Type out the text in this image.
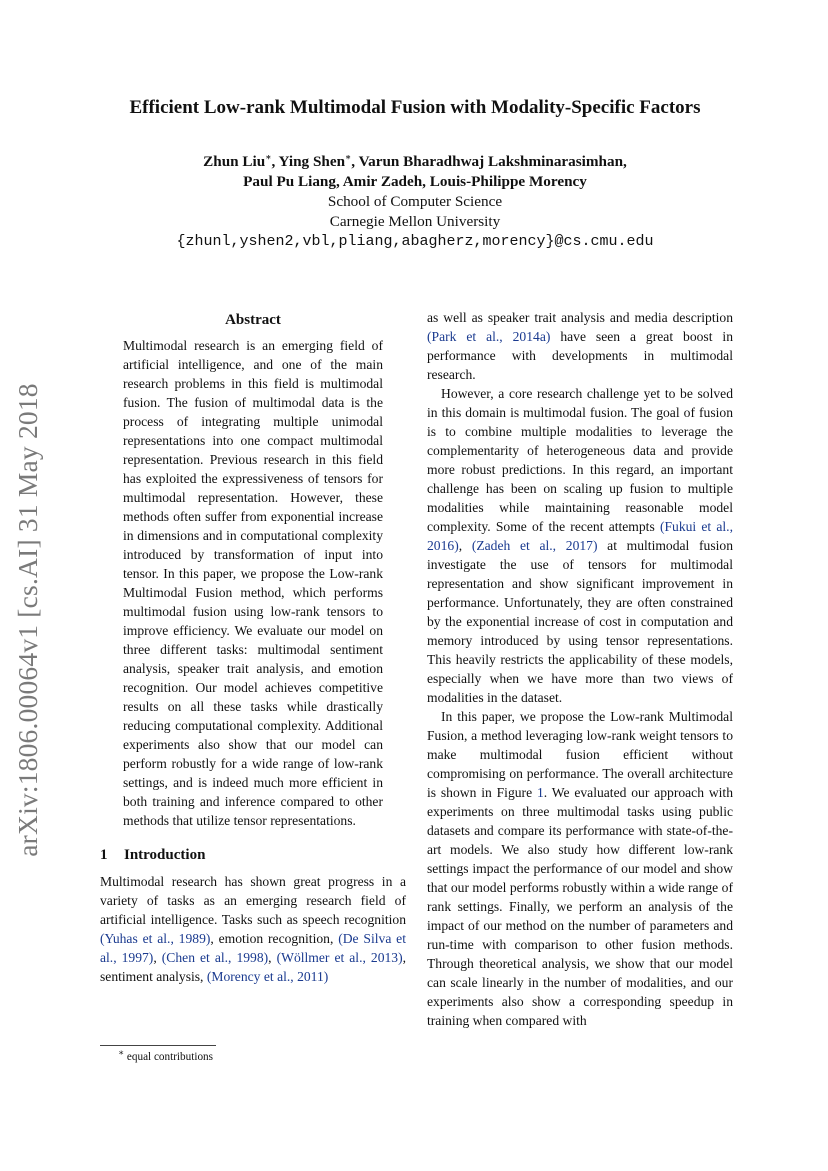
arXiv:1806.00064v1 [cs.AI] 31 May 2018
Efficient Low-rank Multimodal Fusion with Modality-Specific Factors
Zhun Liu∗, Ying Shen∗, Varun Bharadhwaj Lakshminarasimhan,
Paul Pu Liang, Amir Zadeh, Louis-Philippe Morency
School of Computer Science
Carnegie Mellon University
{zhunl,yshen2,vbl,pliang,abagherz,morency}@cs.cmu.edu
Abstract

Multimodal research is an emerging field of artificial intelligence, and one of the main research problems in this field is multimodal fusion. The fusion of multimodal data is the process of integrating multiple unimodal representations into one compact multimodal representation. Previous research in this field has exploited the expressiveness of tensors for multimodal representation. However, these methods often suffer from exponential increase in dimensions and in computational complexity introduced by transformation of input into tensor. In this paper, we propose the Low-rank Multimodal Fusion method, which performs multimodal fusion using low-rank tensors to improve efficiency. We evaluate our model on three different tasks: multimodal sentiment analysis, speaker trait analysis, and emotion recognition. Our model achieves competitive results on all these tasks while drastically reducing computational complexity. Additional experiments also show that our model can perform robustly for a wide range of low-rank settings, and is indeed much more efficient in both training and inference compared to other methods that utilize tensor representations.

1 Introduction

Multimodal research has shown great progress in a variety of tasks as an emerging research field of artificial intelligence. Tasks such as speech recognition (Yuhas et al., 1989), emotion recognition, (De Silva et al., 1997), (Chen et al., 1998), (Wöllmer et al., 2013), sentiment analysis, (Morency et al., 2011)

as well as speaker trait analysis and media description (Park et al., 2014a) have seen a great boost in performance with developments in multimodal research.

However, a core research challenge yet to be solved in this domain is multimodal fusion. The goal of fusion is to combine multiple modalities to leverage the complementarity of heterogeneous data and provide more robust predictions. In this regard, an important challenge has been on scaling up fusion to multiple modalities while maintaining reasonable model complexity. Some of the recent attempts (Fukui et al., 2016), (Zadeh et al., 2017) at multimodal fusion investigate the use of tensors for multimodal representation and show significant improvement in performance. Unfortunately, they are often constrained by the exponential increase of cost in computation and memory introduced by using tensor representations. This heavily restricts the applicability of these models, especially when we have more than two views of modalities in the dataset.

In this paper, we propose the Low-rank Multimodal Fusion, a method leveraging low-rank weight tensors to make multimodal fusion efficient without compromising on performance. The overall architecture is shown in Figure 1. We evaluated our approach with experiments on three multimodal tasks using public datasets and compare its performance with state-of-the-art models. We also study how different low-rank settings impact the performance of our model and show that our model performs robustly within a wide range of rank settings. Finally, we perform an analysis of the impact of our method on the number of parameters and run-time with comparison to other fusion methods. Through theoretical analysis, we show that our model can scale linearly in the number of modalities, and our experiments also show a corresponding speedup in training when compared with

∗ equal contributions
